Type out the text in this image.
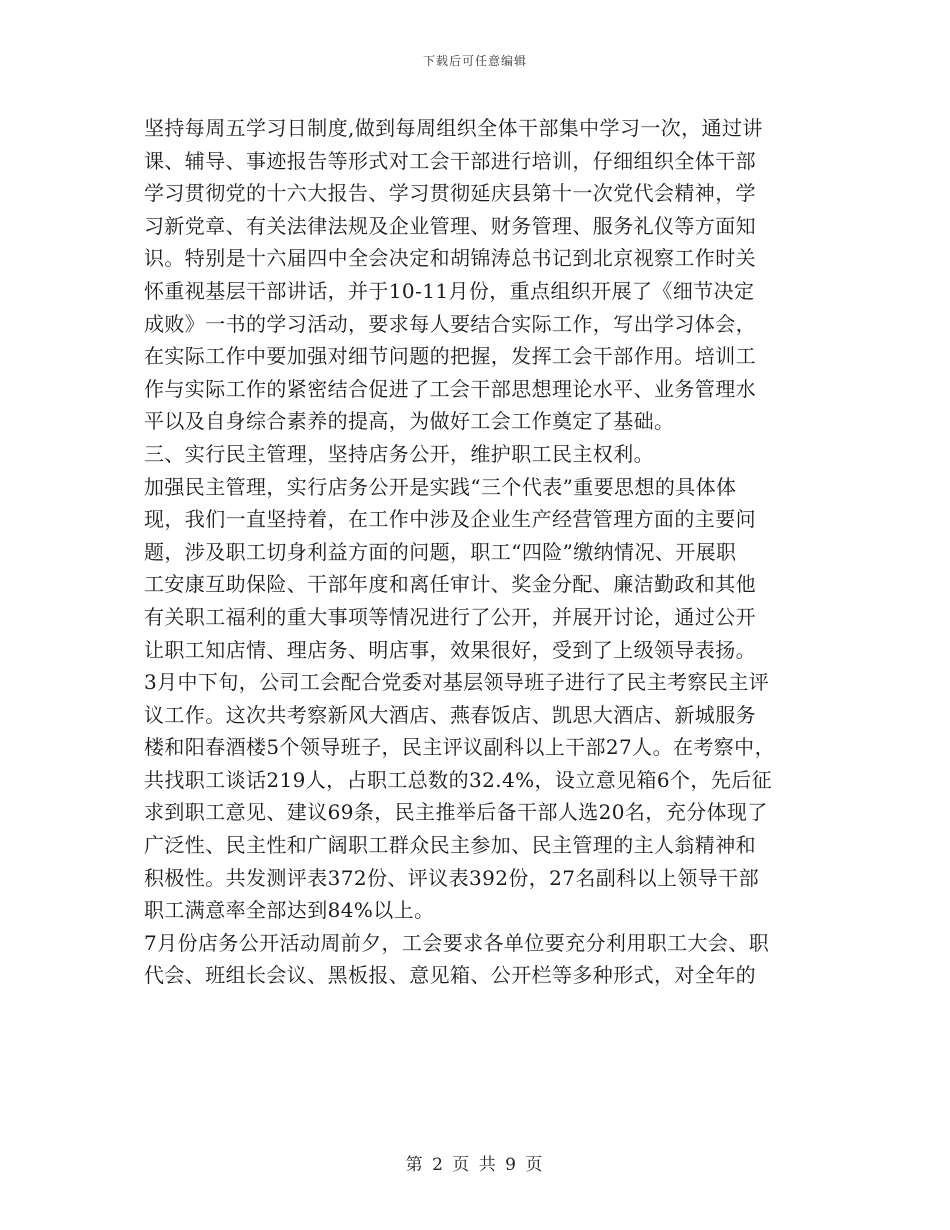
下载后可任意编辑
坚持每周五学习日制度,做到每周组织全体干部集中学习一次，通过讲
课、辅导、事迹报告等形式对工会干部进行培训，仔细组织全体干部
学习贯彻党的十六大报告、学习贯彻延庆县第十一次党代会精神，学
习新党章、有关法律法规及企业管理、财务管理、服务礼仪等方面知
识。特别是十六届四中全会决定和胡锦涛总书记到北京视察工作时关
怀重视基层干部讲话，并于10-11月份，重点组织开展了《细节决定
成败》一书的学习活动，要求每人要结合实际工作，写出学习体会，
在实际工作中要加强对细节问题的把握，发挥工会干部作用。培训工
作与实际工作的紧密结合促进了工会干部思想理论水平、业务管理水
平以及自身综合素养的提高，为做好工会工作奠定了基础。
三、实行民主管理，坚持店务公开，维护职工民主权利。
加强民主管理，实行店务公开是实践“三个代表”重要思想的具体体
现，我们一直坚持着，在工作中涉及企业生产经营管理方面的主要问
题，涉及职工切身利益方面的问题，职工“四险”缴纳情况、开展职
工安康互助保险、干部年度和离任审计、奖金分配、廉洁勤政和其他
有关职工福利的重大事项等情况进行了公开，并展开讨论，通过公开
让职工知店情、理店务、明店事，效果很好，受到了上级领导表扬。
3月中下旬，公司工会配合党委对基层领导班子进行了民主考察民主评
议工作。这次共考察新风大酒店、燕春饭店、凯思大酒店、新城服务
楼和阳春酒楼5个领导班子，民主评议副科以上干部27人。在考察中，
共找职工谈话219人，占职工总数的32.4%，设立意见箱6个，先后征
求到职工意见、建议69条，民主推举后备干部人选20名，充分体现了
广泛性、民主性和广阔职工群众民主参加、民主管理的主人翁精神和
积极性。共发测评表372份、评议表392份，27名副科以上领导干部
职工满意率全部达到84%以上。
7月份店务公开活动周前夕，工会要求各单位要充分利用职工大会、职
代会、班组长会议、黑板报、意见箱、公开栏等多种形式，对全年的
第 2 页 共 9 页
